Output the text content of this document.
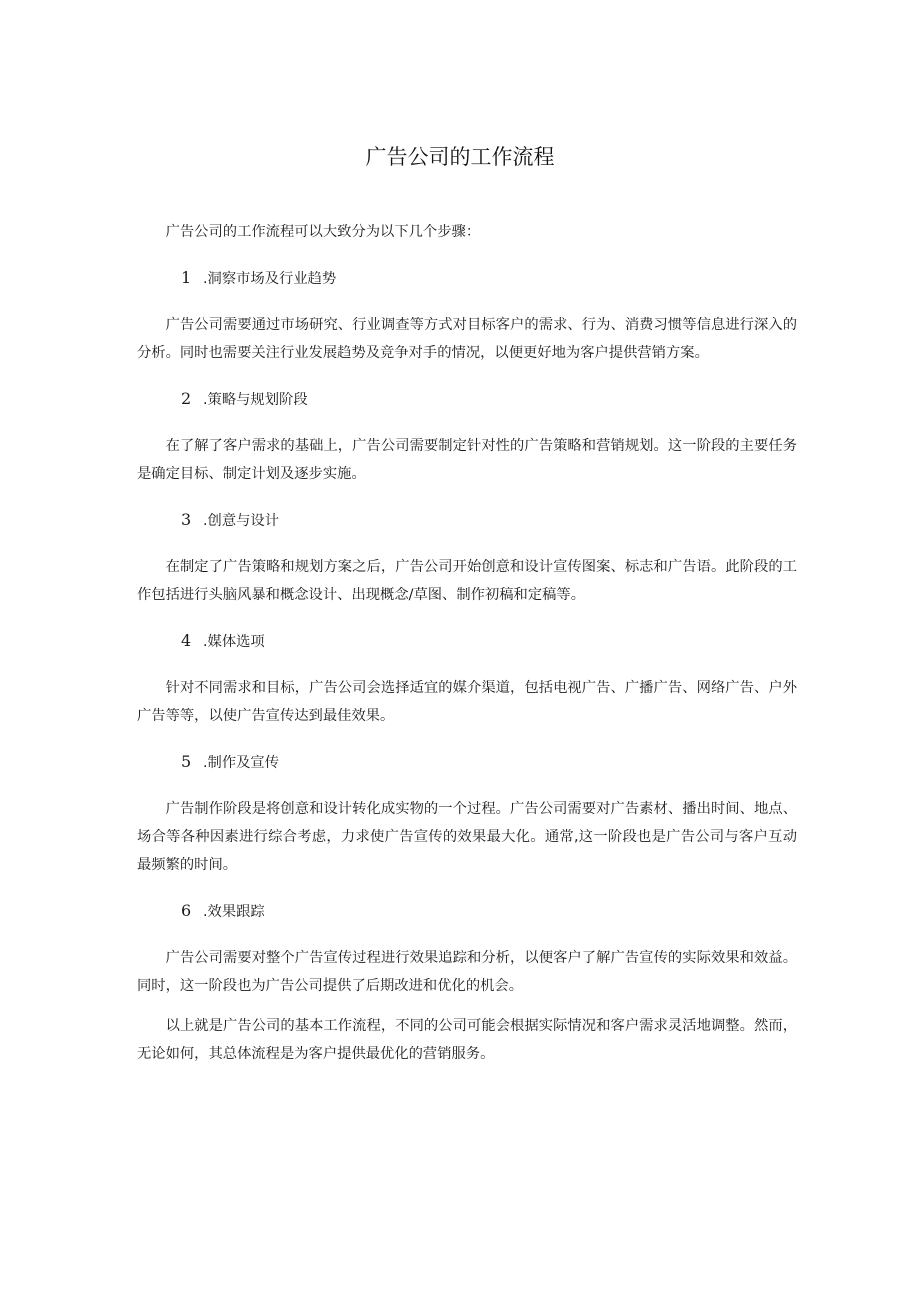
广告公司的工作流程

广告公司的工作流程可以大致分为以下几个步骤：

1 .洞察市场及行业趋势

广告公司需要通过市场研究、行业调查等方式对目标客户的需求、行为、消费习惯等信息进行深入的分析。同时也需要关注行业发展趋势及竞争对手的情况，以便更好地为客户提供营销方案。

2 .策略与规划阶段

在了解了客户需求的基础上，广告公司需要制定针对性的广告策略和营销规划。这一阶段的主要任务是确定目标、制定计划及逐步实施。

3 .创意与设计

在制定了广告策略和规划方案之后，广告公司开始创意和设计宣传图案、标志和广告语。此阶段的工作包括进行头脑风暴和概念设计、出现概念/草图、制作初稿和定稿等。

4 .媒体选项

针对不同需求和目标，广告公司会选择适宜的媒介渠道，包括电视广告、广播广告、网络广告、户外广告等等，以使广告宣传达到最佳效果。

5 .制作及宣传

广告制作阶段是将创意和设计转化成实物的一个过程。广告公司需要对广告素材、播出时间、地点、场合等各种因素进行综合考虑，力求使广告宣传的效果最大化。通常,这一阶段也是广告公司与客户互动最频繁的时间。

6 .效果跟踪

广告公司需要对整个广告宣传过程进行效果追踪和分析，以便客户了解广告宣传的实际效果和效益。同时，这一阶段也为广告公司提供了后期改进和优化的机会。

以上就是广告公司的基本工作流程，不同的公司可能会根据实际情况和客户需求灵活地调整。然而，无论如何，其总体流程是为客户提供最优化的营销服务。
